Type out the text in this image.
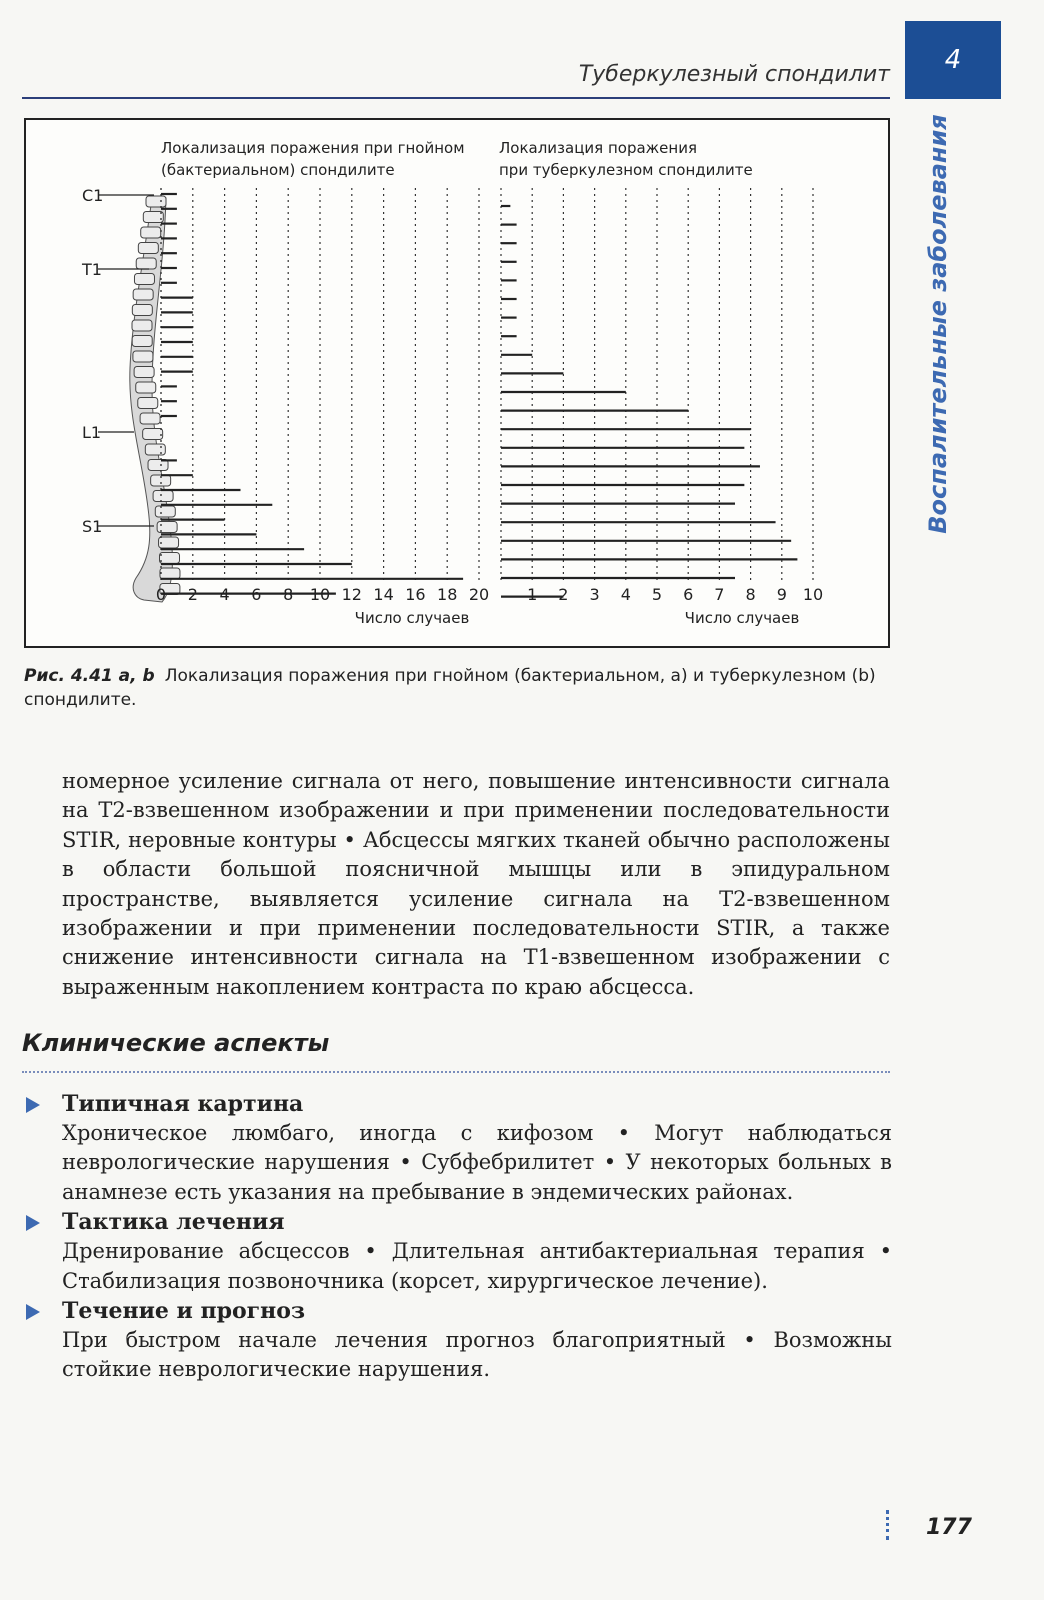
Туберкулезный спондилит	4
Воспалительные заболевания
C1
T1
L1
S1
Локализация поражения при гнойном
(бактериальном) спондилите
Локализация поражения
при туберкулезном спондилите
Число случаев	Число случаев
0 2 4 6 8 10 12 14 16 18 20 1 2 3 4 5 6 7 8 9 10
Рис. 4.41 a, b Локализация поражения при гнойном (бактериальном, a) и туберкулезном (b) спондилите.
номерное усиление сигнала от него, повышение интенсивности сигнала на Т2-взвешенном изображении и при применении последовательности STIR, неровные контуры • Абсцессы мягких тканей обычно расположены в области большой поясничной мышцы или в эпидуральном пространстве, выявляется усиление сигнала на Т2-взвешенном изображении и при применении последовательности STIR, а также снижение интенсивности сигнала на Т1-взвешенном изображении с выраженным накоплением контраста по краю абсцесса.
Клинические аспекты
Типичная картина
Хроническое люмбаго, иногда с кифозом • Могут наблюдаться неврологические нарушения • Субфебрилитет • У некоторых больных в анамнезе есть указания на пребывание в эндемических районах.
Тактика лечения
Дренирование абсцессов • Длительная антибактериальная терапия • Стабилизация позвоночника (корсет, хирургическое лечение).
Течение и прогноз
При быстром начале лечения прогноз благоприятный • Возможны стойкие неврологические нарушения.
177
